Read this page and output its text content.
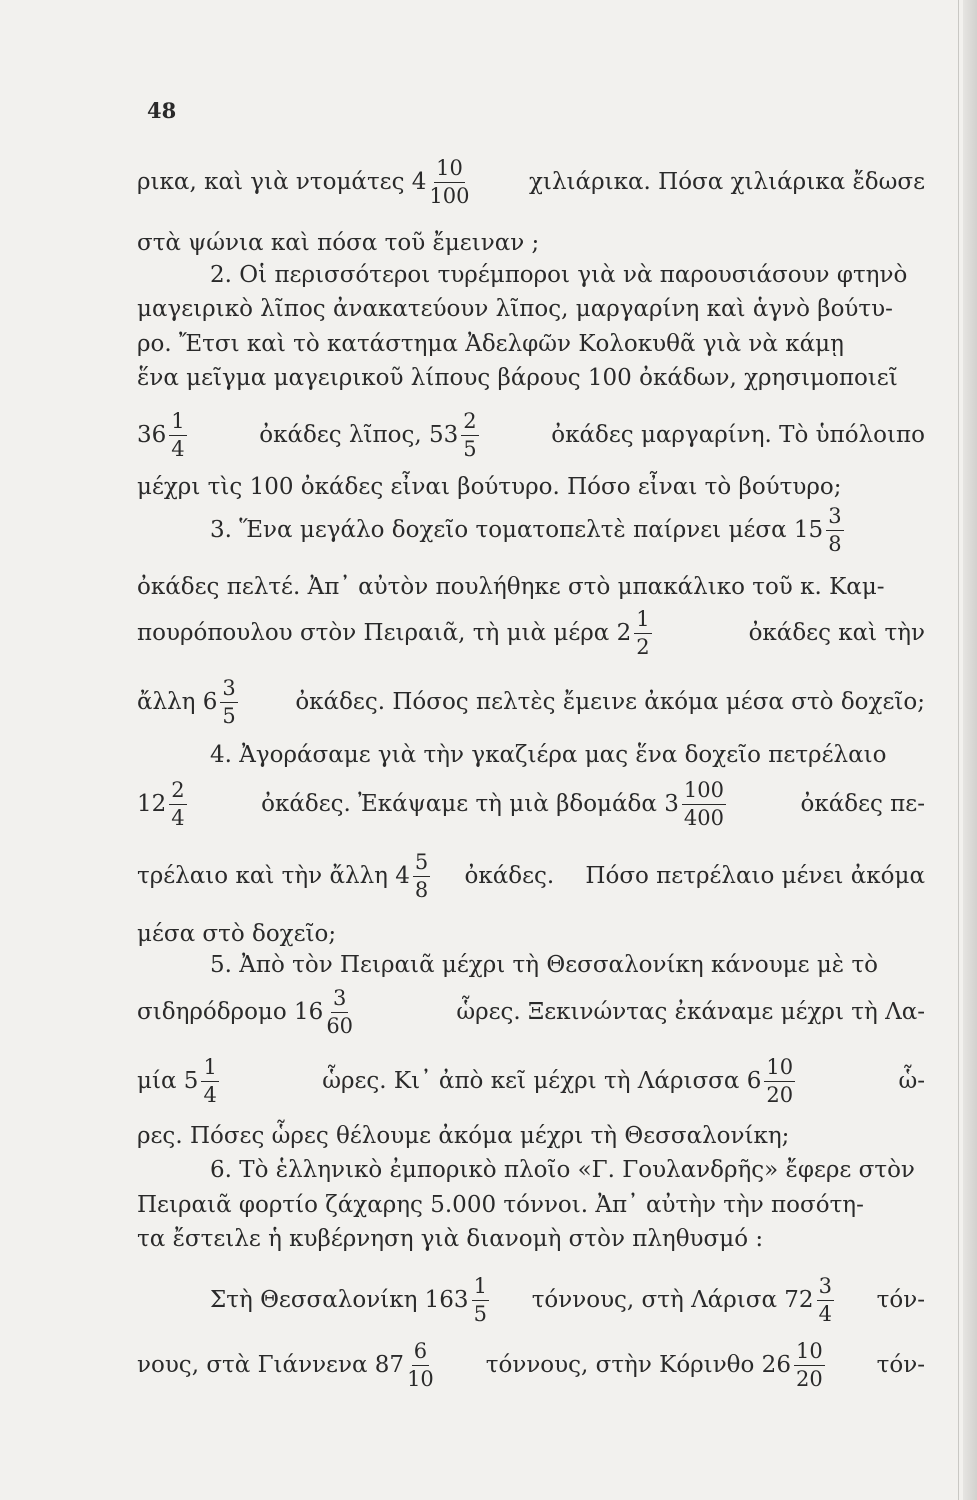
48
ρικα, καὶ γιὰ ντομάτες $4 \frac{10}{100}$	χιλιάρικα. Πόσα χιλιάρικα ἔδωσε
στὰ ψώνια καὶ πόσα τοῦ ἔμειναν ;
2. Οἱ περισσότεροι τυρέμποροι γιὰ νὰ παρουσιάσουν φτηνὸ
μαγειρικὸ λῖπος ἀνακατεύουν λῖπος, μαργαρίνη καὶ ἁγνὸ βούτυ-
ρο. Ἔτσι καὶ τὸ κατάστημα Ἀδελφῶν Κολοκυθᾶ γιὰ νὰ κάμῃ
ἕνα μεῖγμα μαγειρικοῦ λίπους βάρους 100 ὀκάδων, χρησιμοποιεῖ
$36 \frac{1}{4}$	ὀκάδες λῖπος, $53 \frac{2}{5}$	ὀκάδες μαργαρίνη. Τὸ ὑπόλοιπο
μέχρι τὶς 100 ὀκάδες εἶναι βούτυρο. Πόσο εἶναι τὸ βούτυρο;
3. Ἕνα μεγάλο δοχεῖο τοματοπελτὲ παίρνει μέσα $15 \frac{3}{8}$
ὀκάδες πελτέ. Ἀπ᾽ αὐτὸν πουλήθηκε στὸ μπακάλικο τοῦ κ. Καμ-
πουρόπουλου στὸν Πειραιᾶ, τὴ μιὰ μέρα $2 \frac{1}{2}$	ὀκάδες καὶ τὴν
ἄλλη $6 \frac{3}{5}$	ὀκάδες. Πόσος πελτὲς ἔμεινε ἀκόμα μέσα στὸ δοχεῖο;
4. Ἀγοράσαμε γιὰ τὴν γκαζιέρα μας ἕνα δοχεῖο πετρέλαιο
$12 \frac{2}{4}$	ὀκάδες. Ἐκάψαμε τὴ μιὰ βδομάδα $3 \frac{100}{400}$	ὀκάδες πε-
τρέλαιο καὶ τὴν ἄλλη $4 \frac{5}{8}$ ὀκάδες. Πόσο πετρέλαιο μένει ἀκόμα
μέσα στὸ δοχεῖο;
5. Ἀπὸ τὸν Πειραιᾶ μέχρι τὴ Θεσσαλονίκη κάνουμε μὲ τὸ
σιδηρόδρομο $16 \frac{3}{60}$	ὧρες. Ξεκινώντας ἐκάναμε μέχρι τὴ Λα-
μία $5 \frac{1}{4}$	ὧρες. Κι᾽ ἀπὸ κεῖ μέχρι τὴ Λάρισσα $6 \frac{10}{20}$	ὧ-
ρες. Πόσες ὧρες θέλουμε ἀκόμα μέχρι τὴ Θεσσαλονίκη;
6. Τὸ ἑλληνικὸ ἐμπορικὸ πλοῖο «Γ. Γουλανδρῆς» ἔφερε στὸν
Πειραιᾶ φορτίο ζάχαρης 5.000 τόννοι. Ἀπ᾽ αὐτὴν τὴν ποσότη-
τα ἔστειλε ἡ κυβέρνηση γιὰ διανομὴ στὸν πληθυσμό :
Στὴ Θεσσαλονίκη $163 \frac{1}{5} \tau ό\nu\nu o\upsilon\varsigma$, στὴ Λάρισα $72 \frac{3}{4} \tau ό\nu-$
νους, στὰ Γιάννενα $87 \frac{6}{10} \tau ό\nu\nu o\upsilon\varsigma$, στὴν Κόρινθο $26 \frac{10}{20} \tau ό\nu-$
